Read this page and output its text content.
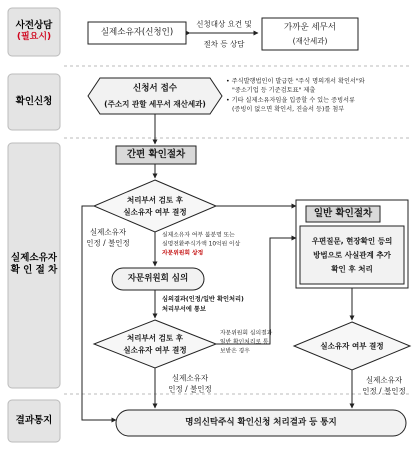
사전상담
(필요시)
확인신청
실제소유자
확 인 절 차
결과통지
실제소유자(신청인)
신청대상 요건 및
절차 등 상담
가까운 세무서
(재산세과)
신청서 접수
(주소지 관할 세무서 재산세과)
• 주식발행법인이 발급한 "주식 명의개서 확인서"와
"중소기업 등 기준검토표" 제출
• 기타 실제소유자임을 입증할 수 있는 증빙서류
(증빙이 없으면 확인서, 진술서 등)를 첨부
간편 확인절차
처리부서 검토 후
실소유자 여부 결정
실제소유자
인정 / 불인정
실제소유자 여부 불분명 또는
실명전환주식가액 10억원 이상
자문위원회 상정
자문위원회 심의
심의결과(인정/일반 확인처리)
처리부서에 통보
처리부서 검토 후
실소유자 여부 결정
자문위원회 심의결과
일반 확인처리로 통
보받은 경우
실제소유자
인정 / 불인정
일반 확인절차
우편질문, 현장확인 등의
방법으로 사실관계 추가
확인 후 처리
실소유자 여부 결정
실제소유자
인정 / 불인정
명의신탁주식 확인신청 처리결과 등 통지
